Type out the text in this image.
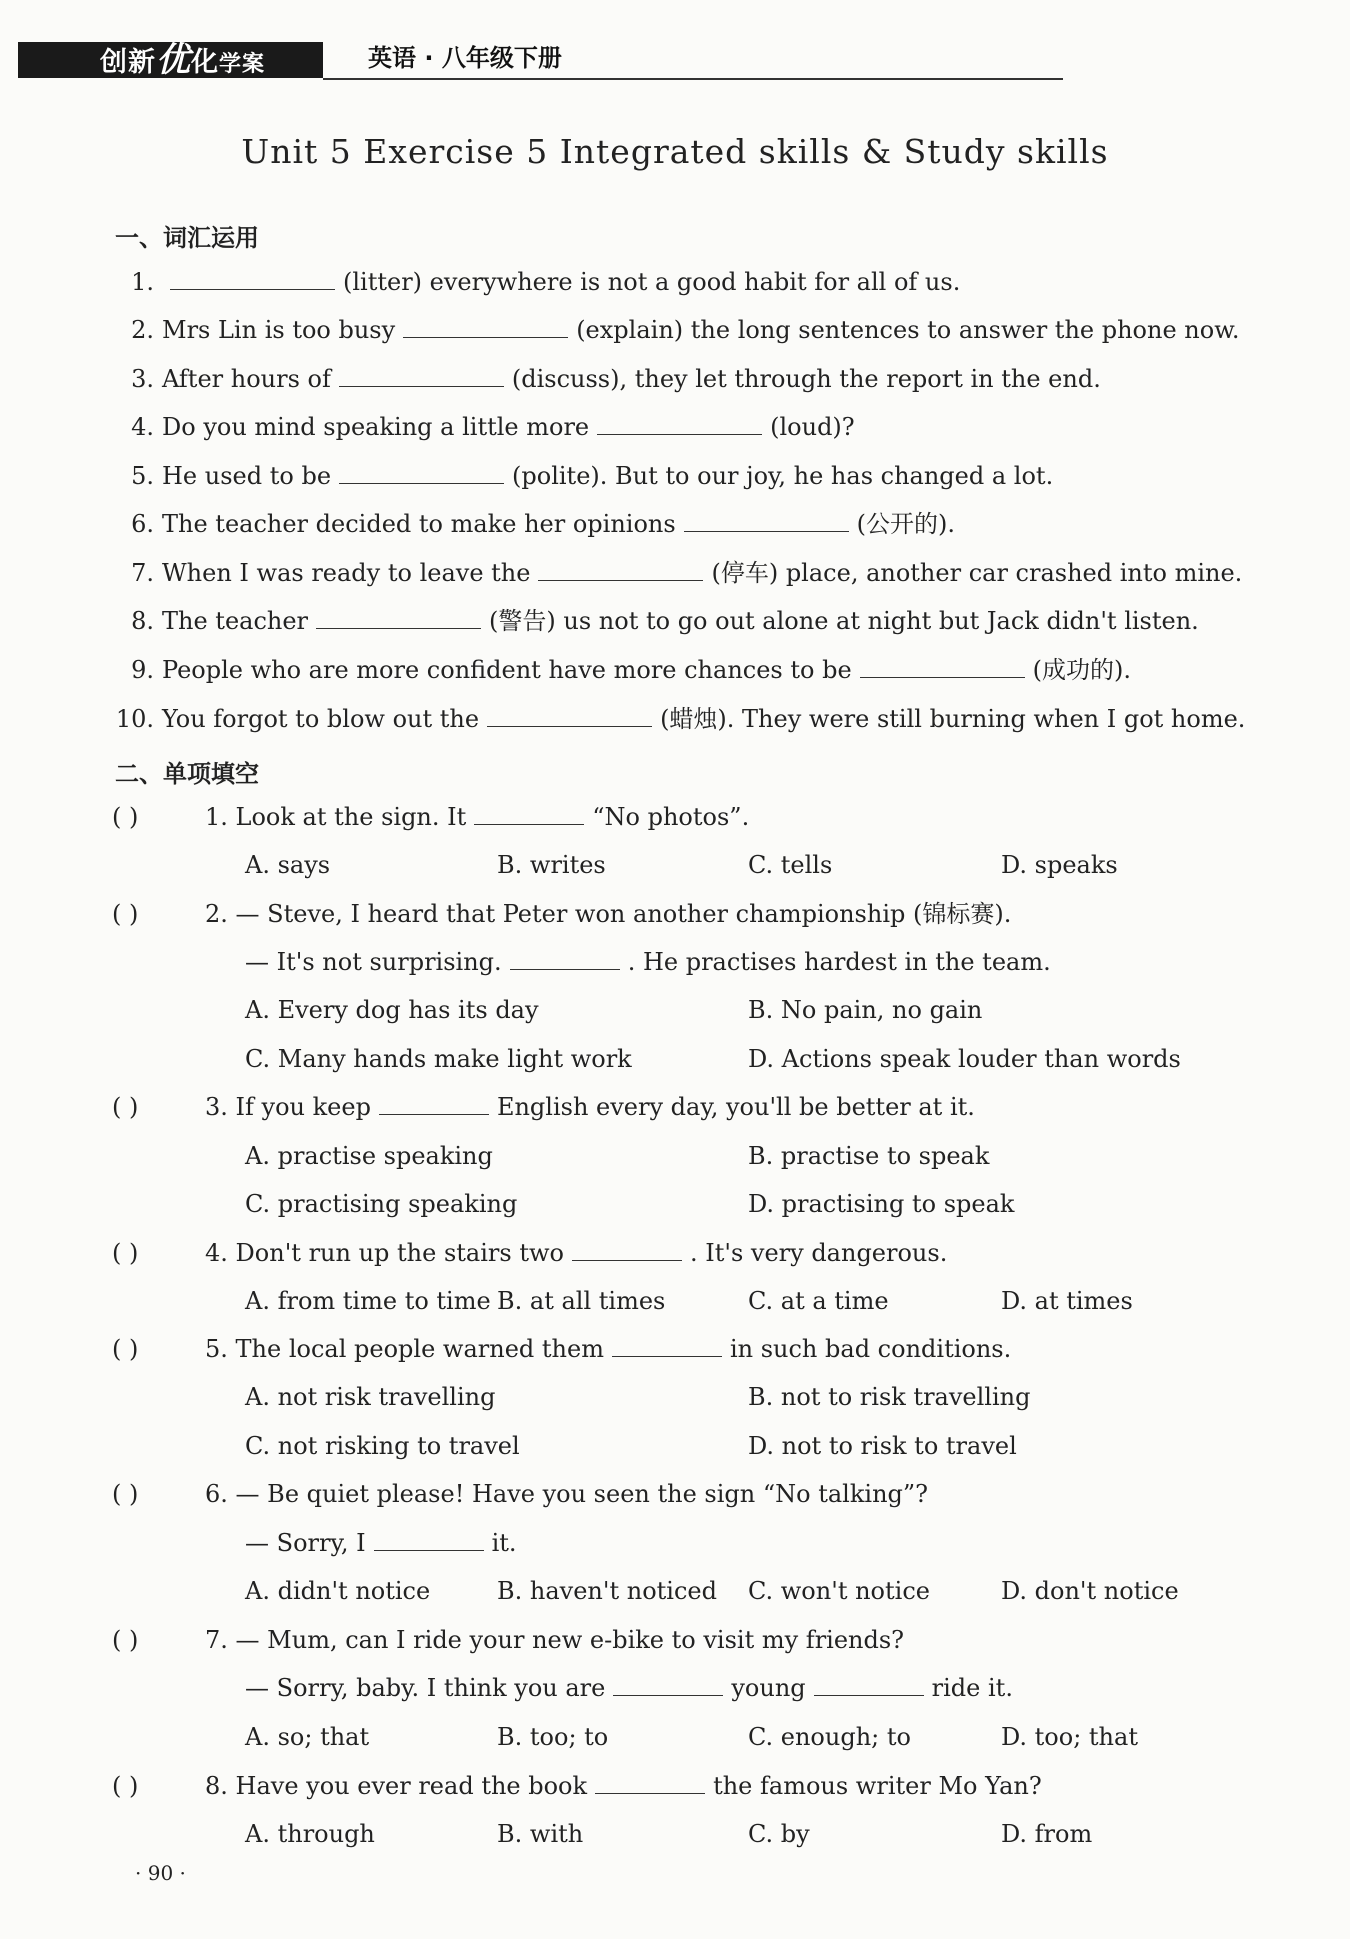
创新优化学案	英语 · 八年级下册
Unit 5 Exercise 5 Integrated skills & Study skills
一、词汇运用
1.	(litter) everywhere is not a good habit for all of us.
2. Mrs Lin is too busy	(explain) the long sentences to answer the phone now.
3. After hours of	(discuss), they let through the report in the end.
4. Do you mind speaking a little more	(loud)?
5. He used to be	(polite). But to our joy, he has changed a lot.
6. The teacher decided to make her opinions	(公开的).
7. When I was ready to leave the	(停车) place, another car crashed into mine.
8. The teacher	(警告) us not to go out alone at night but Jack didn't listen.
9. People who are more confident have more chances to be	(成功的).
10. You forgot to blow out the	(蜡烛). They were still burning when I got home.
二、单项填空
( )	1. Look at the sign. It	“No photos”.
A. says	B. writes	C. tells	D. speaks
( )	2. — Steve, I heard that Peter won another championship (锦标赛).
— It's not surprising.	. He practises hardest in the team.
A. Every dog has its day	B. No pain, no gain
C. Many hands make light work	D. Actions speak louder than words
( )	3. If you keep	English every day, you'll be better at it.
A. practise speaking	B. practise to speak
C. practising speaking	D. practising to speak
( )	4. Don't run up the stairs two	. It's very dangerous.
A. from time to time B. at all times	C. at a time	D. at times
( )	5. The local people warned them	in such bad conditions.
A. not risk travelling	B. not to risk travelling
C. not risking to travel	D. not to risk to travel
( )	6. — Be quiet please! Have you seen the sign “No talking”?
— Sorry, I	it.
A. didn't notice	B. haven't noticed C. won't notice	D. don't notice
( )	7. — Mum, can I ride your new e-bike to visit my friends?
— Sorry, baby. I think you are	young	ride it.
A. so; that	B. too; to	C. enough; to	D. too; that
( )	8. Have you ever read the book	the famous writer Mo Yan?
A. through	B. with	C. by	D. from
· 90 ·
